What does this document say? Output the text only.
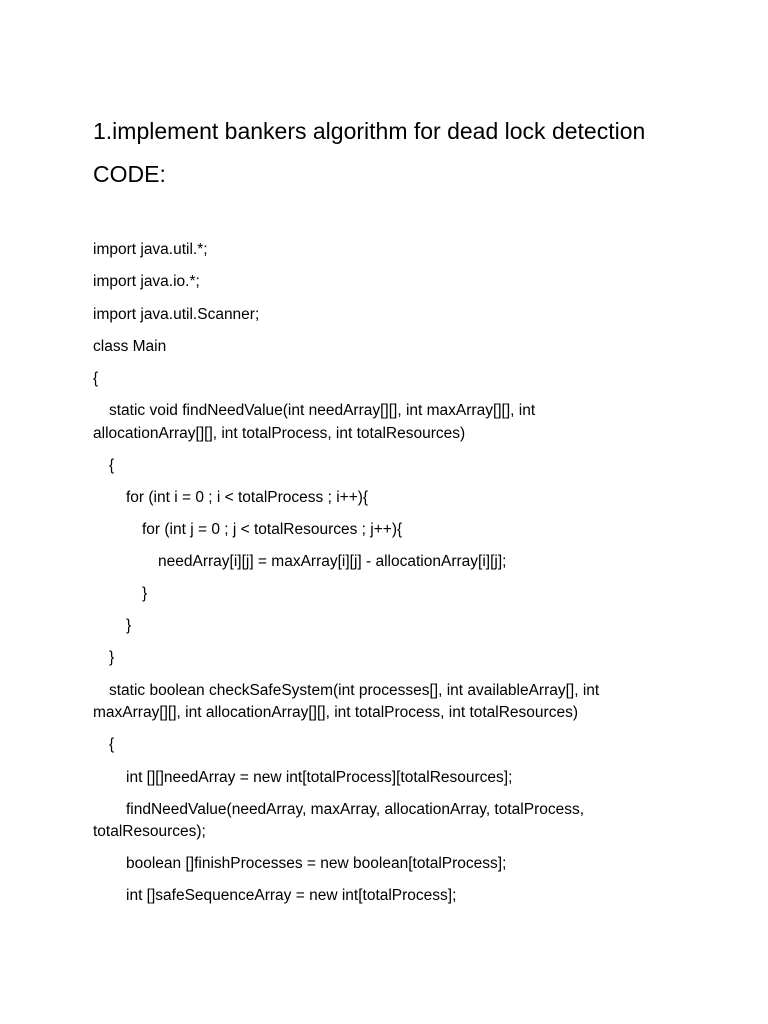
1.implement bankers algorithm for dead lock detection
CODE:
import java.util.*;
import java.io.*;
import java.util.Scanner;
class Main
{
static void findNeedValue(int needArray[][], int maxArray[][], int
allocationArray[][], int totalProcess, int totalResources)
{
for (int i = 0 ; i < totalProcess ; i++){
for (int j = 0 ; j < totalResources ; j++){
needArray[i][j] = maxArray[i][j] - allocationArray[i][j];
}
}
}
static boolean checkSafeSystem(int processes[], int availableArray[], int
maxArray[][], int allocationArray[][], int totalProcess, int totalResources)
{
int [][]needArray = new int[totalProcess][totalResources];
findNeedValue(needArray, maxArray, allocationArray, totalProcess,
totalResources);
boolean []finishProcesses = new boolean[totalProcess];
int []safeSequenceArray = new int[totalProcess];
